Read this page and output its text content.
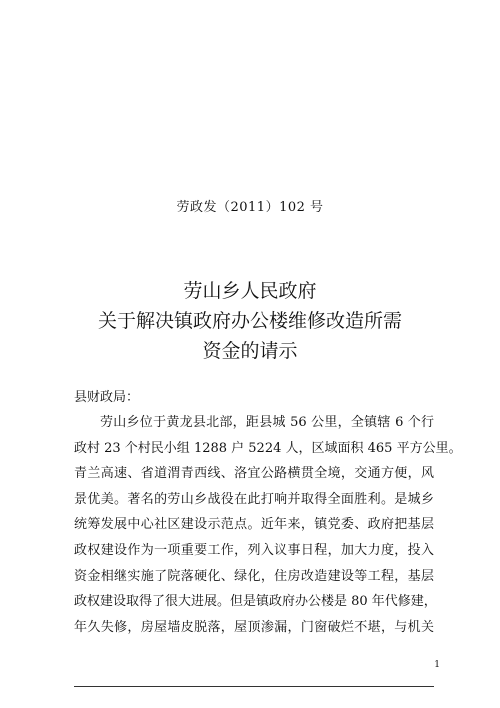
劳政发（2011）102 号
劳山乡人民政府
关于解决镇政府办公楼维修改造所需
资金的请示
县财政局：
劳山乡位于黄龙县北部，距县城 56 公里，全镇辖 6 个行
政村 23 个村民小组 1288 户 5224 人，区域面积 465 平方公里。
青兰高速、省道渭青西线、洛宜公路横贯全境，交通方便，风
景优美。著名的劳山乡战役在此打响并取得全面胜利。是城乡
统筹发展中心社区建设示范点。近年来，镇党委、政府把基层
政权建设作为一项重要工作，列入议事日程，加大力度，投入
资金相继实施了院落硬化、绿化，住房改造建设等工程，基层
政权建设取得了很大进展。但是镇政府办公楼是 80 年代修建，
年久失修，房屋墙皮脱落，屋顶渗漏，门窗破烂不堪，与机关
1
